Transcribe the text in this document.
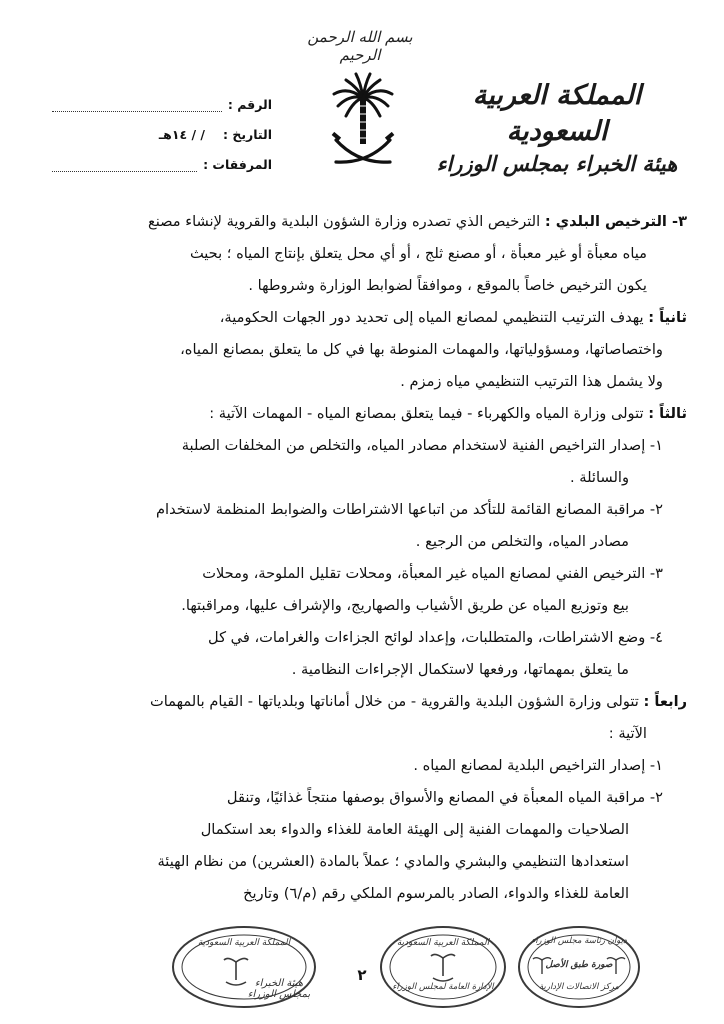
بسم الله الرحمن الرحيم
المملكة العربية السعودية
هيئة الخبراء بمجلس الوزراء
الرقم :
التاريخ :
/ / ١٤هـ
المرفقات :
٣- الترخيص البلدي : الترخيص الذي تصدره وزارة الشؤون البلدية والقروية لإنشاء مصنع
مياه معبأة أو غير معبأة ، أو مصنع ثلج ، أو أي محل يتعلق بإنتاج المياه ؛ بحيث
يكون الترخيص خاصاً بالموقع ، وموافقاً لضوابط الوزارة وشروطها .
ثانياً : يهدف الترتيب التنظيمي لمصانع المياه إلى تحديد دور الجهات الحكومية،
واختصاصاتها، ومسؤولياتها، والمهمات المنوطة بها في كل ما يتعلق بمصانع المياه،
ولا يشمل هذا الترتيب التنظيمي مياه زمزم .
ثالثاً : تتولى وزارة المياه والكهرباء - فيما يتعلق بمصانع المياه - المهمات الآتية :
١- إصدار التراخيص الفنية لاستخدام مصادر المياه، والتخلص من المخلفات الصلبة
والسائلة .
٢- مراقبة المصانع القائمة للتأكد من اتباعها الاشتراطات والضوابط المنظمة لاستخدام
مصادر المياه، والتخلص من الرجيع .
٣- الترخيص الفني لمصانع المياه غير المعبأة، ومحلات تقليل الملوحة، ومحلات
بيع وتوزيع المياه عن طريق الأشياب والصهاريج، والإشراف عليها، ومراقبتها.
٤- وضع الاشتراطات، والمتطلبات، وإعداد لوائح الجزاءات والغرامات، في كل
ما يتعلق بمهماتها، ورفعها لاستكمال الإجراءات النظامية .
رابعاً : تتولى وزارة الشؤون البلدية والقروية - من خلال أماناتها وبلدياتها - القيام بالمهمات
الآتية :
١- إصدار التراخيص البلدية لمصانع المياه .
٢- مراقبة المياه المعبأة في المصانع والأسواق بوصفها منتجاً غذائيًا، وتنقل
الصلاحيات والمهمات الفنية إلى الهيئة العامة للغذاء والدواء بعد استكمال
استعدادها التنظيمي والبشري والمادي ؛ عملاً بالمادة (العشرين) من نظام الهيئة
العامة للغذاء والدواء، الصادر بالمرسوم الملكي رقم (م/٦) وتاريخ
المملكة العربية السعودية
هيئة الخبراء بمجلس الوزراء
المملكة العربية السعودية
الإدارة العامة لمجلس الوزراء
ديوان رئاسة مجلس الوزراء
صورة طبق الأصل
مركز الاتصالات الإدارية
٢
